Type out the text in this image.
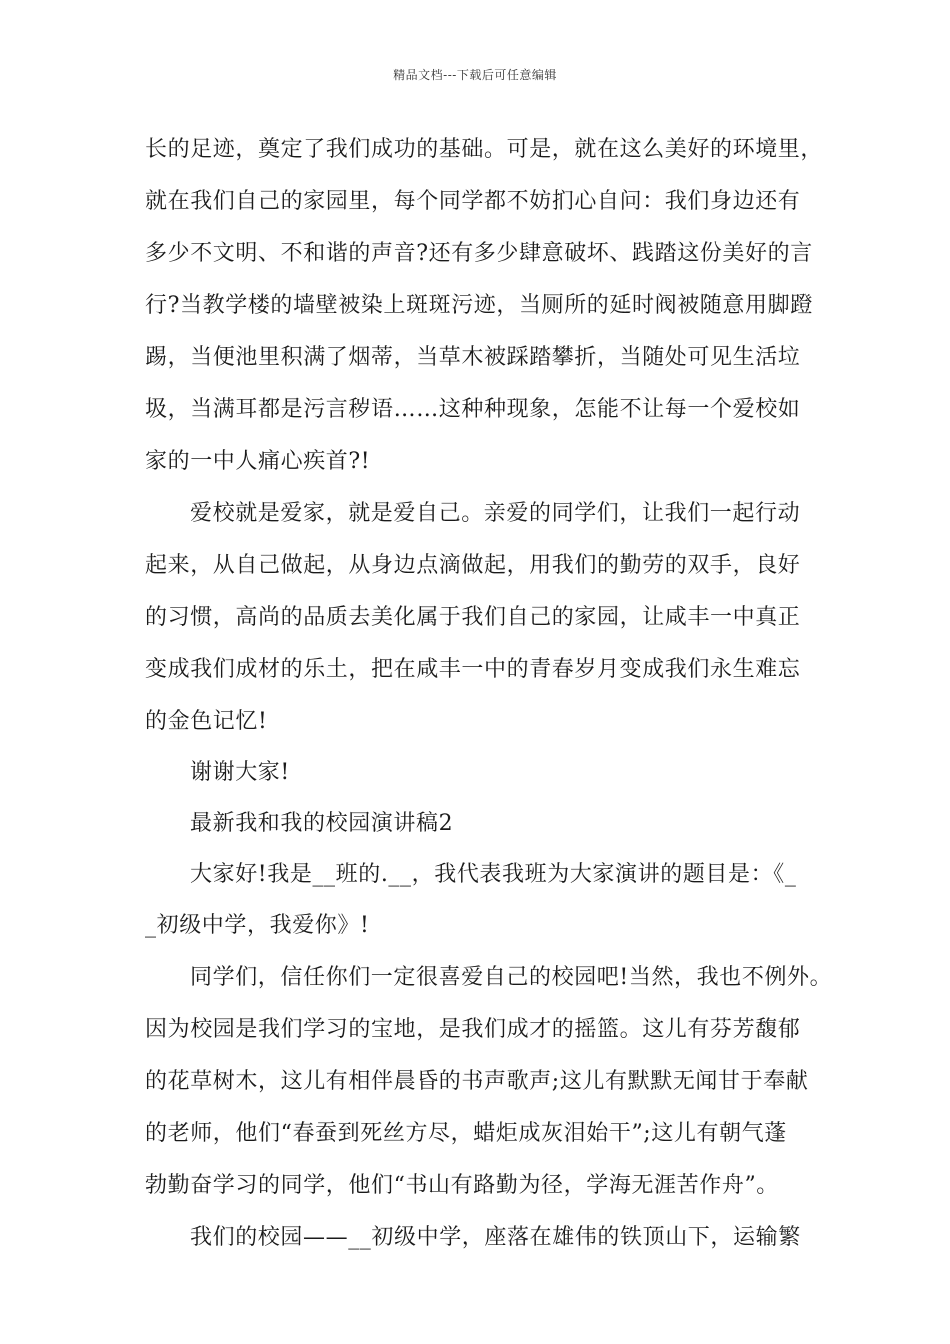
精品文档---下载后可任意编辑
长的足迹，奠定了我们成功的基础。可是，就在这么美好的环境里，
就在我们自己的家园里，每个同学都不妨扪心自问：我们身边还有
多少不文明、不和谐的声音?还有多少肆意破坏、践踏这份美好的言
行?当教学楼的墙壁被染上斑斑污迹，当厕所的延时阀被随意用脚蹬
踢，当便池里积满了烟蒂，当草木被踩踏攀折，当随处可见生活垃
圾，当满耳都是污言秽语……这种种现象，怎能不让每一个爱校如
家的一中人痛心疾首?!
爱校就是爱家，就是爱自己。亲爱的同学们，让我们一起行动
起来，从自己做起，从身边点滴做起，用我们的勤劳的双手，良好
的习惯，高尚的品质去美化属于我们自己的家园，让咸丰一中真正
变成我们成材的乐土，把在咸丰一中的青春岁月变成我们永生难忘
的金色记忆!
谢谢大家!
最新我和我的校园演讲稿2
大家好!我是__班的.__，我代表我班为大家演讲的题目是：《_
_初级中学，我爱你》!
同学们，信任你们一定很喜爱自己的校园吧!当然，我也不例外。
因为校园是我们学习的宝地，是我们成才的摇篮。这儿有芬芳馥郁
的花草树木，这儿有相伴晨昏的书声歌声;这儿有默默无闻甘于奉献
的老师，他们“春蚕到死丝方尽，蜡炬成灰泪始干”;这儿有朝气蓬
勃勤奋学习的同学，他们“书山有路勤为径，学海无涯苦作舟”。
我们的校园——__初级中学，座落在雄伟的铁顶山下，运输繁
